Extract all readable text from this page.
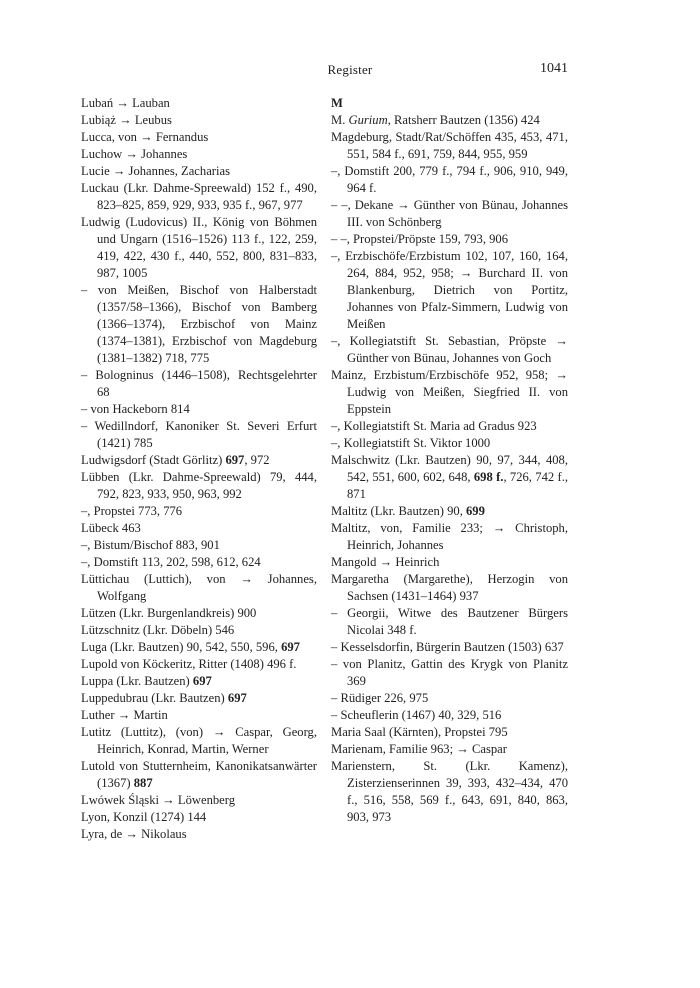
Register	1041
Lubań → Lauban
Lubiąż → Leubus
Lucca, von → Fernandus
Luchow → Johannes
Lucie → Johannes, Zacharias
Luckau (Lkr. Dahme-Spreewald) 152 f., 490, 823–825, 859, 929, 933, 935 f., 967, 977
Ludwig (Ludovicus) II., König von Böhmen und Ungarn (1516–1526) 113 f., 122, 259, 419, 422, 430 f., 440, 552, 800, 831–833, 987, 1005
– von Meißen, Bischof von Halberstadt (1357/58–1366), Bischof von Bamberg (1366–1374), Erzbischof von Mainz (1374–1381), Erzbischof von Magdeburg (1381–1382) 718, 775
– Bologninus (1446–1508), Rechtsgelehrter 68
– von Hackeborn 814
– Wedillndorf, Kanoniker St. Severi Erfurt (1421) 785
Ludwigsdorf (Stadt Görlitz) 697, 972
Lübben (Lkr. Dahme-Spreewald) 79, 444, 792, 823, 933, 950, 963, 992
–, Propstei 773, 776
Lübeck 463
–, Bistum/Bischof 883, 901
–, Domstift 113, 202, 598, 612, 624
Lüttichau (Luttich), von → Johannes, Wolfgang
Lützen (Lkr. Burgenlandkreis) 900
Lützschnitz (Lkr. Döbeln) 546
Luga (Lkr. Bautzen) 90, 542, 550, 596, 697
Lupold von Köckeritz, Ritter (1408) 496 f.
Luppa (Lkr. Bautzen) 697
Luppedubrau (Lkr. Bautzen) 697
Luther → Martin
Lutitz (Luttitz), (von) → Caspar, Georg, Heinrich, Konrad, Martin, Werner
Lutold von Stutternheim, Kanonikatsanwärter (1367) 887
Lwówek Śląski → Löwenberg
Lyon, Konzil (1274) 144
Lyra, de → Nikolaus
M
M. Gurium, Ratsherr Bautzen (1356) 424
Magdeburg, Stadt/Rat/Schöffen 435, 453, 471, 551, 584 f., 691, 759, 844, 955, 959
–, Domstift 200, 779 f., 794 f., 906, 910, 949, 964 f.
– –, Dekane → Günther von Bünau, Johannes III. von Schönberg
– –, Propstei/Pröpste 159, 793, 906
–, Erzbischöfe/Erzbistum 102, 107, 160, 164, 264, 884, 952, 958; → Burchard II. von Blankenburg, Dietrich von Portitz, Johannes von Pfalz-Simmern, Ludwig von Meißen
–, Kollegiatstift St. Sebastian, Pröpste → Günther von Bünau, Johannes von Goch
Mainz, Erzbistum/Erzbischöfe 952, 958; → Ludwig von Meißen, Siegfried II. von Eppstein
–, Kollegiatstift St. Maria ad Gradus 923
–, Kollegiatstift St. Viktor 1000
Malschwitz (Lkr. Bautzen) 90, 97, 344, 408, 542, 551, 600, 602, 648, 698 f., 726, 742 f., 871
Maltitz (Lkr. Bautzen) 90, 699
Maltitz, von, Familie 233; → Christoph, Heinrich, Johannes
Mangold → Heinrich
Margaretha (Margarethe), Herzogin von Sachsen (1431–1464) 937
– Georgii, Witwe des Bautzener Bürgers Nicolai 348 f.
– Kesselsdorfin, Bürgerin Bautzen (1503) 637
– von Planitz, Gattin des Krygk von Planitz 369
– Rüdiger 226, 975
– Scheuflerin (1467) 40, 329, 516
Maria Saal (Kärnten), Propstei 795
Marienam, Familie 963; → Caspar
Marienstern, St. (Lkr. Kamenz), Zisterzienserinnen 39, 393, 432–434, 470 f., 516, 558, 569 f., 643, 691, 840, 863, 903, 973
